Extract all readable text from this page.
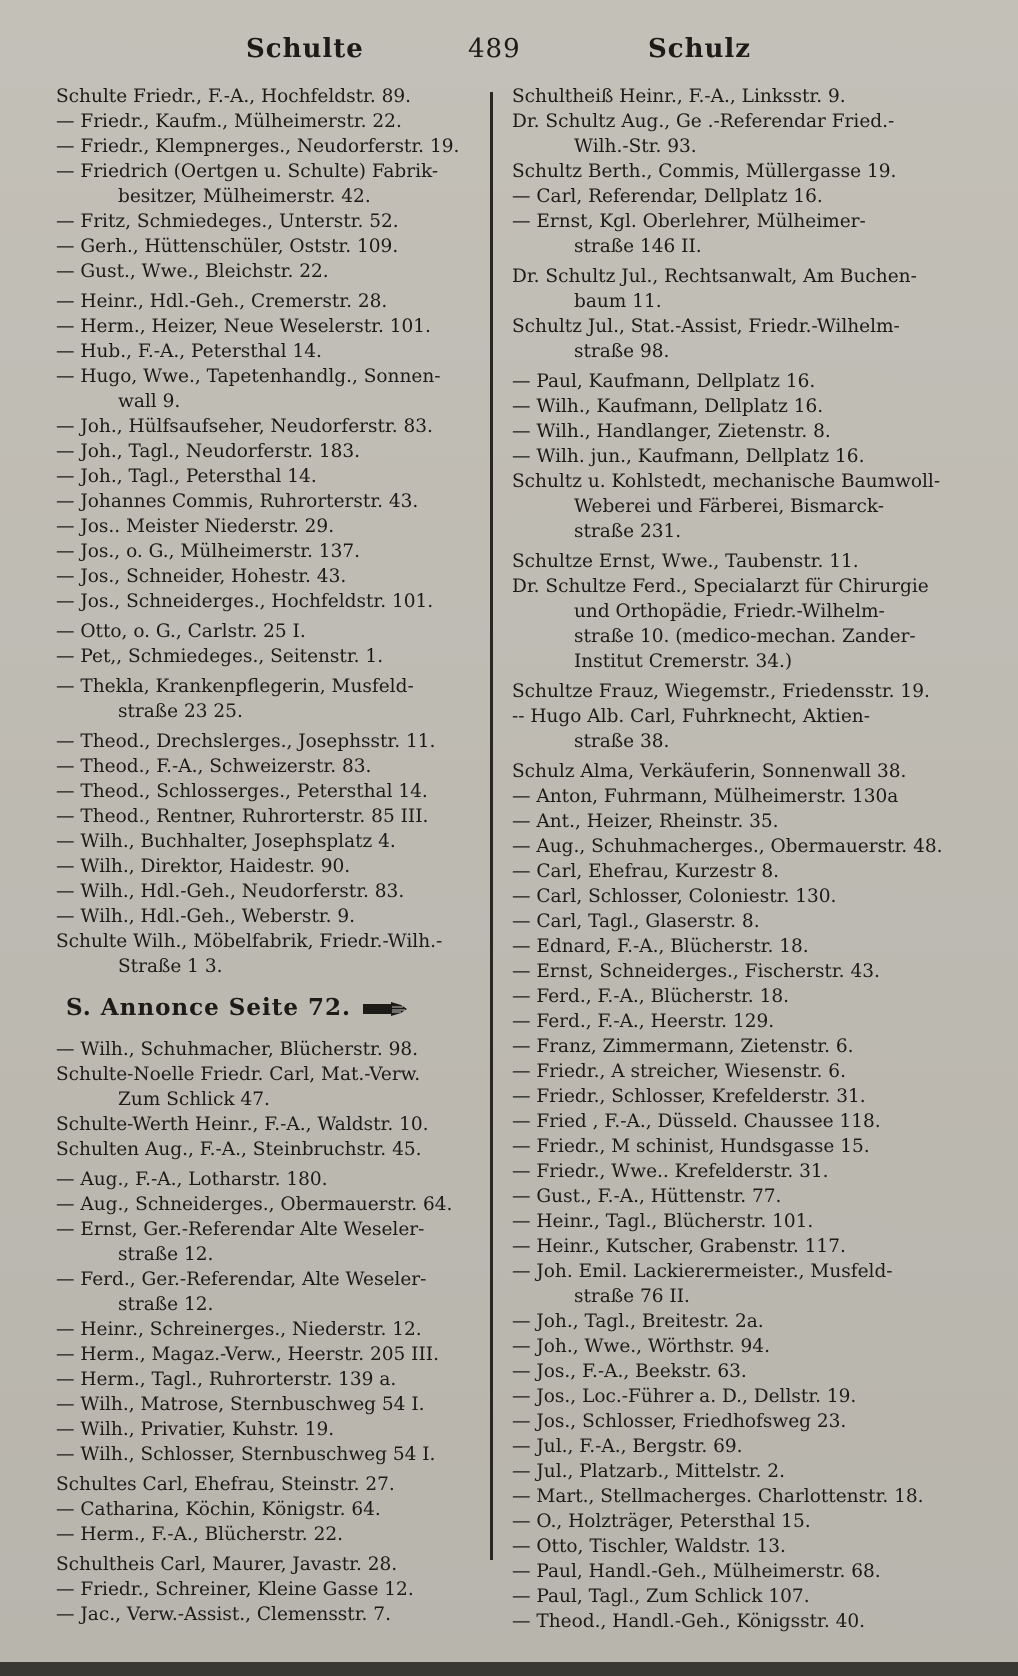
Schulte	489	Schulz
Schulte Friedr., F.-A., Hochfeldstr. 89.
— Friedr., Kaufm., Mülheimerstr. 22.
— Friedr., Klempnerges., Neudorferstr. 19.
— Friedrich (Oertgen u. Schulte) Fabrik-
besitzer, Mülheimerstr. 42.
— Fritz, Schmiedeges., Unterstr. 52.
— Gerh., Hüttenschüler, Oststr. 109.
— Gust., Wwe., Bleichstr. 22.
— Heinr., Hdl.-Geh., Cremerstr. 28.
— Herm., Heizer, Neue Weselerstr. 101.
— Hub., F.-A., Petersthal 14.
— Hugo, Wwe., Tapetenhandlg., Sonnen-
wall 9.
— Joh., Hülfsaufseher, Neudorferstr. 83.
— Joh., Tagl., Neudorferstr. 183.
— Joh., Tagl., Petersthal 14.
— Johannes Commis, Ruhrorterstr. 43.
— Jos.. Meister Niederstr. 29.
— Jos., o. G., Mülheimerstr. 137.
— Jos., Schneider, Hohestr. 43.
— Jos., Schneiderges., Hochfeldstr. 101.
— Otto, o. G., Carlstr. 25 I.
— Pet,, Schmiedeges., Seitenstr. 1.
— Thekla, Krankenpflegerin, Musfeld-
straße 23 25.
— Theod., Drechslerges., Josephsstr. 11.
— Theod., F.-A., Schweizerstr. 83.
— Theod., Schlosserges., Petersthal 14.
— Theod., Rentner, Ruhrorterstr. 85 III.
— Wilh., Buchhalter, Josephsplatz 4.
— Wilh., Direktor, Haidestr. 90.
— Wilh., Hdl.-Geh., Neudorferstr. 83.
— Wilh., Hdl.-Geh., Weberstr. 9.
Schulte Wilh., Möbelfabrik, Friedr.-Wilh.-
Straße 1 3.
S. Annonce Seite 72.
— Wilh., Schuhmacher, Blücherstr. 98.
Schulte-Noelle Friedr. Carl, Mat.-Verw.
Zum Schlick 47.
Schulte-Werth Heinr., F.-A., Waldstr. 10.
Schulten Aug., F.-A., Steinbruchstr. 45.
— Aug., F.-A., Lotharstr. 180.
— Aug., Schneiderges., Obermauerstr. 64.
— Ernst, Ger.-Referendar Alte Weseler-
straße 12.
— Ferd., Ger.-Referendar, Alte Weseler-
straße 12.
— Heinr., Schreinerges., Niederstr. 12.
— Herm., Magaz.-Verw., Heerstr. 205 III.
— Herm., Tagl., Ruhrorterstr. 139 a.
— Wilh., Matrose, Sternbuschweg 54 I.
— Wilh., Privatier, Kuhstr. 19.
— Wilh., Schlosser, Sternbuschweg 54 I.
Schultes Carl, Ehefrau, Steinstr. 27.
— Catharina, Köchin, Königstr. 64.
— Herm., F.-A., Blücherstr. 22.
Schultheis Carl, Maurer, Javastr. 28.
— Friedr., Schreiner, Kleine Gasse 12.
— Jac., Verw.-Assist., Clemensstr. 7.
Schultheiß Heinr., F.-A., Linksstr. 9.
Dr. Schultz Aug., Ge .-Referendar Fried.-
Wilh.-Str. 93.
Schultz Berth., Commis, Müllergasse 19.
— Carl, Referendar, Dellplatz 16.
— Ernst, Kgl. Oberlehrer, Mülheimer-
straße 146 II.
Dr. Schultz Jul., Rechtsanwalt, Am Buchen-
baum 11.
Schultz Jul., Stat.-Assist, Friedr.-Wilhelm-
straße 98.
— Paul, Kaufmann, Dellplatz 16.
— Wilh., Kaufmann, Dellplatz 16.
— Wilh., Handlanger, Zietenstr. 8.
— Wilh. jun., Kaufmann, Dellplatz 16.
Schultz u. Kohlstedt, mechanische Baumwoll-
Weberei und Färberei, Bismarck-
straße 231.
Schultze Ernst, Wwe., Taubenstr. 11.
Dr. Schultze Ferd., Specialarzt für Chirurgie
und Orthopädie, Friedr.-Wilhelm-
straße 10. (medico-mechan. Zander-
Institut Cremerstr. 34.)
Schultze Frauz, Wiegemstr., Friedensstr. 19.
-- Hugo Alb. Carl, Fuhrknecht, Aktien-
straße 38.
Schulz Alma, Verkäuferin, Sonnenwall 38.
— Anton, Fuhrmann, Mülheimerstr. 130a
— Ant., Heizer, Rheinstr. 35.
— Aug., Schuhmacherges., Obermauerstr. 48.
— Carl, Ehefrau, Kurzestr 8.
— Carl, Schlosser, Coloniestr. 130.
— Carl, Tagl., Glaserstr. 8.
— Ednard, F.-A., Blücherstr. 18.
— Ernst, Schneiderges., Fischerstr. 43.
— Ferd., F.-A., Blücherstr. 18.
— Ferd., F.-A., Heerstr. 129.
— Franz, Zimmermann, Zietenstr. 6.
— Friedr., A streicher, Wiesenstr. 6.
— Friedr., Schlosser, Krefelderstr. 31.
— Fried , F.-A., Düsseld. Chaussee 118.
— Friedr., M schinist, Hundsgasse 15.
— Friedr., Wwe.. Krefelderstr. 31.
— Gust., F.-A., Hüttenstr. 77.
— Heinr., Tagl., Blücherstr. 101.
— Heinr., Kutscher, Grabenstr. 117.
— Joh. Emil. Lackierermeister., Musfeld-
straße 76 II.
— Joh., Tagl., Breitestr. 2a.
— Joh., Wwe., Wörthstr. 94.
— Jos., F.-A., Beekstr. 63.
— Jos., Loc.-Führer a. D., Dellstr. 19.
— Jos., Schlosser, Friedhofsweg 23.
— Jul., F.-A., Bergstr. 69.
— Jul., Platzarb., Mittelstr. 2.
— Mart., Stellmacherges. Charlottenstr. 18.
— O., Holzträger, Petersthal 15.
— Otto, Tischler, Waldstr. 13.
— Paul, Handl.-Geh., Mülheimerstr. 68.
— Paul, Tagl., Zum Schlick 107.
— Theod., Handl.-Geh., Königsstr. 40.
